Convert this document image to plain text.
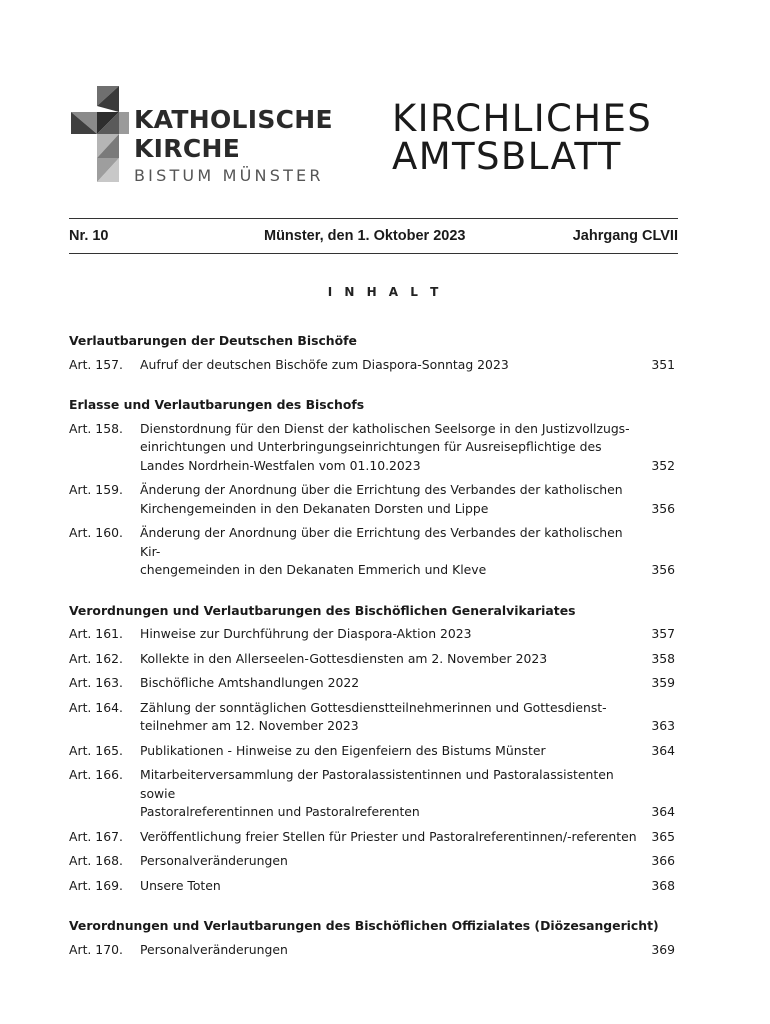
KATHOLISCHE
KIRCHE
BISTUM MÜNSTER
KIRCHLICHES
AMTSBLATT
Nr. 10	Münster, den 1. Oktober 2023	Jahrgang CLVII
I N H A L T
Verlautbarungen der Deutschen Bischöfe
Art. 157. Aufruf der deutschen Bischöfe zum Diaspora-Sonntag 2023	351
Erlasse und Verlautbarungen des Bischofs
Art. 158. Dienstordnung für den Dienst der katholischen Seelsorge in den Justizvollzugs-
einrichtungen und Unterbringungseinrichtungen für Ausreisepflichtige des
Landes Nordrhein-Westfalen vom 01.10.2023	352
Art. 159. Änderung der Anordnung über die Errichtung des Verbandes der katholischen
Kirchengemeinden in den Dekanaten Dorsten und Lippe	356
Art. 160. Änderung der Anordnung über die Errichtung des Verbandes der katholischen Kir-
chengemeinden in den Dekanaten Emmerich und Kleve	356
Verordnungen und Verlautbarungen des Bischöflichen Generalvikariates
Art. 161. Hinweise zur Durchführung der Diaspora-Aktion 2023	357
Art. 162. Kollekte in den Allerseelen-Gottesdiensten am 2. November 2023	358
Art. 163. Bischöfliche Amtshandlungen 2022	359
Art. 164. Zählung der sonntäglichen Gottesdienstteilnehmerinnen und Gottesdienst-
teilnehmer am 12. November 2023	363
Art. 165. Publikationen - Hinweise zu den Eigenfeiern des Bistums Münster	364
Art. 166. Mitarbeiterversammlung der Pastoralassistentinnen und Pastoralassistenten sowie
Pastoralreferentinnen und Pastoralreferenten	364
Art. 167. Veröffentlichung freier Stellen für Priester und Pastoralreferentinnen/-referenten	365
Art. 168. Personalveränderungen	366
Art. 169. Unsere Toten	368
Verordnungen und Verlautbarungen des Bischöflichen Offizialates (Diözesangericht)
Art. 170. Personalveränderungen	369
